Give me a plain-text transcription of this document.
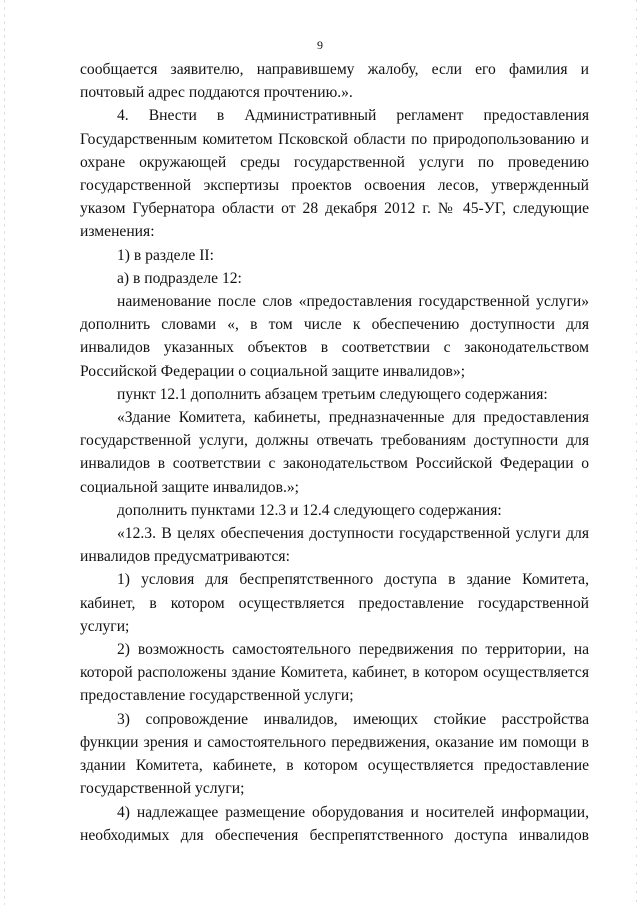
9

сообщается заявителю, направившему жалобу, если его фамилия и почтовый адрес поддаются прочтению.».

4. Внести в Административный регламент предоставления Государственным комитетом Псковской области по природопользованию и охране окружающей среды государственной услуги по проведению государственной экспертизы проектов освоения лесов, утвержденный указом Губернатора области от 28 декабря 2012 г. № 45-УГ, следующие изменения:

1) в разделе II:

а) в подразделе 12:

наименование после слов «предоставления государственной услуги» дополнить словами «, в том числе к обеспечению доступности для инвалидов указанных объектов в соответствии с законодательством Российской Федерации о социальной защите инвалидов»;

пункт 12.1 дополнить абзацем третьим следующего содержания:

«Здание Комитета, кабинеты, предназначенные для предоставления государственной услуги, должны отвечать требованиям доступности для инвалидов в соответствии с законодательством Российской Федерации о социальной защите инвалидов.»;

дополнить пунктами 12.3 и 12.4 следующего содержания:

«12.3. В целях обеспечения доступности государственной услуги для инвалидов предусматриваются:

1) условия для беспрепятственного доступа в здание Комитета, кабинет, в котором осуществляется предоставление государственной услуги;

2) возможность самостоятельного передвижения по территории, на которой расположены здание Комитета, кабинет, в котором осуществляется предоставление государственной услуги;

3) сопровождение инвалидов, имеющих стойкие расстройства функции зрения и самостоятельного передвижения, оказание им помощи в здании Комитета, кабинете, в котором осуществляется предоставление государственной услуги;

4) надлежащее размещение оборудования и носителей информации, необходимых для обеспечения беспрепятственного доступа инвалидов
